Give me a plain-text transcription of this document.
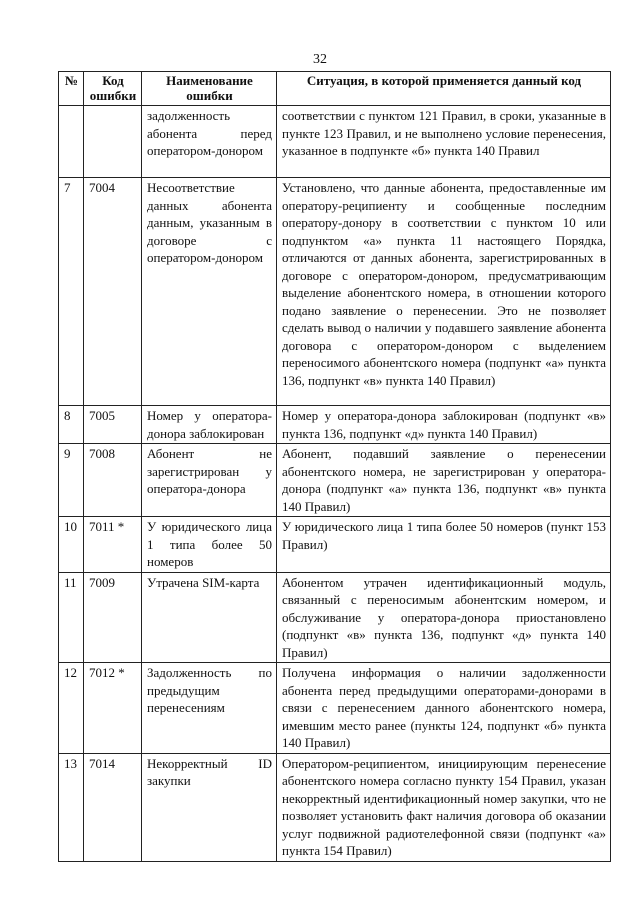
32
№	Код ошибки	Наименование ошибки	Ситуация, в которой применяется данный код
		задолженность абонента перед оператором-донором	соответствии с пунктом 121 Правил, в сроки, указанные в пункте 123 Правил, и не выполнено условие перенесения, указанное в подпункте «б» пункта 140 Правил
7	7004	Несоответствие данных абонента данным, указанным в договоре с оператором-донором	Установлено, что данные абонента, предоставленные им оператору-реципиенту и сообщенные последним оператору-донору в соответствии с пунктом 10 или подпунктом «а» пункта 11 настоящего Порядка, отличаются от данных абонента, зарегистрированных в договоре с оператором-донором, предусматривающим выделение абонентского номера, в отношении которого подано заявление о перенесении. Это не позволяет сделать вывод о наличии у подавшего заявление абонента договора с оператором-донором с выделением переносимого абонентского номера (подпункт «а» пункта 136, подпункт «в» пункта 140 Правил)
8	7005	Номер у оператора-донора заблокирован	Номер у оператора-донора заблокирован (подпункт «в» пункта 136, подпункт «д» пункта 140 Правил)
9	7008	Абонент не зарегистрирован у оператора-донора	Абонент, подавший заявление о перенесении абонентского номера, не зарегистрирован у оператора-донора (подпункт «а» пункта 136, подпункт «в» пункта 140 Правил)
10	7011 *	У юридического лица 1 типа более 50 номеров	У юридического лица 1 типа более 50 номеров (пункт 153 Правил)
11	7009	Утрачена SIM-карта	Абонентом утрачен идентификационный модуль, связанный с переносимым абонентским номером, и обслуживание у оператора-донора приостановлено (подпункт «в» пункта 136, подпункт «д» пункта 140 Правил)
12	7012 *	Задолженность по предыдущим перенесениям	Получена информация о наличии задолженности абонента перед предыдущими операторами-донорами в связи с перенесением данного абонентского номера, имевшим место ранее (пункты 124, подпункт «б» пункта 140 Правил)
13	7014	Некорректный ID закупки	Оператором-реципиентом, инициирующим перенесение абонентского номера согласно пункту 154 Правил, указан некорректный идентификационный номер закупки, что не позволяет установить факт наличия договора об оказании услуг подвижной радиотелефонной связи (подпункт «а» пункта 154 Правил)
